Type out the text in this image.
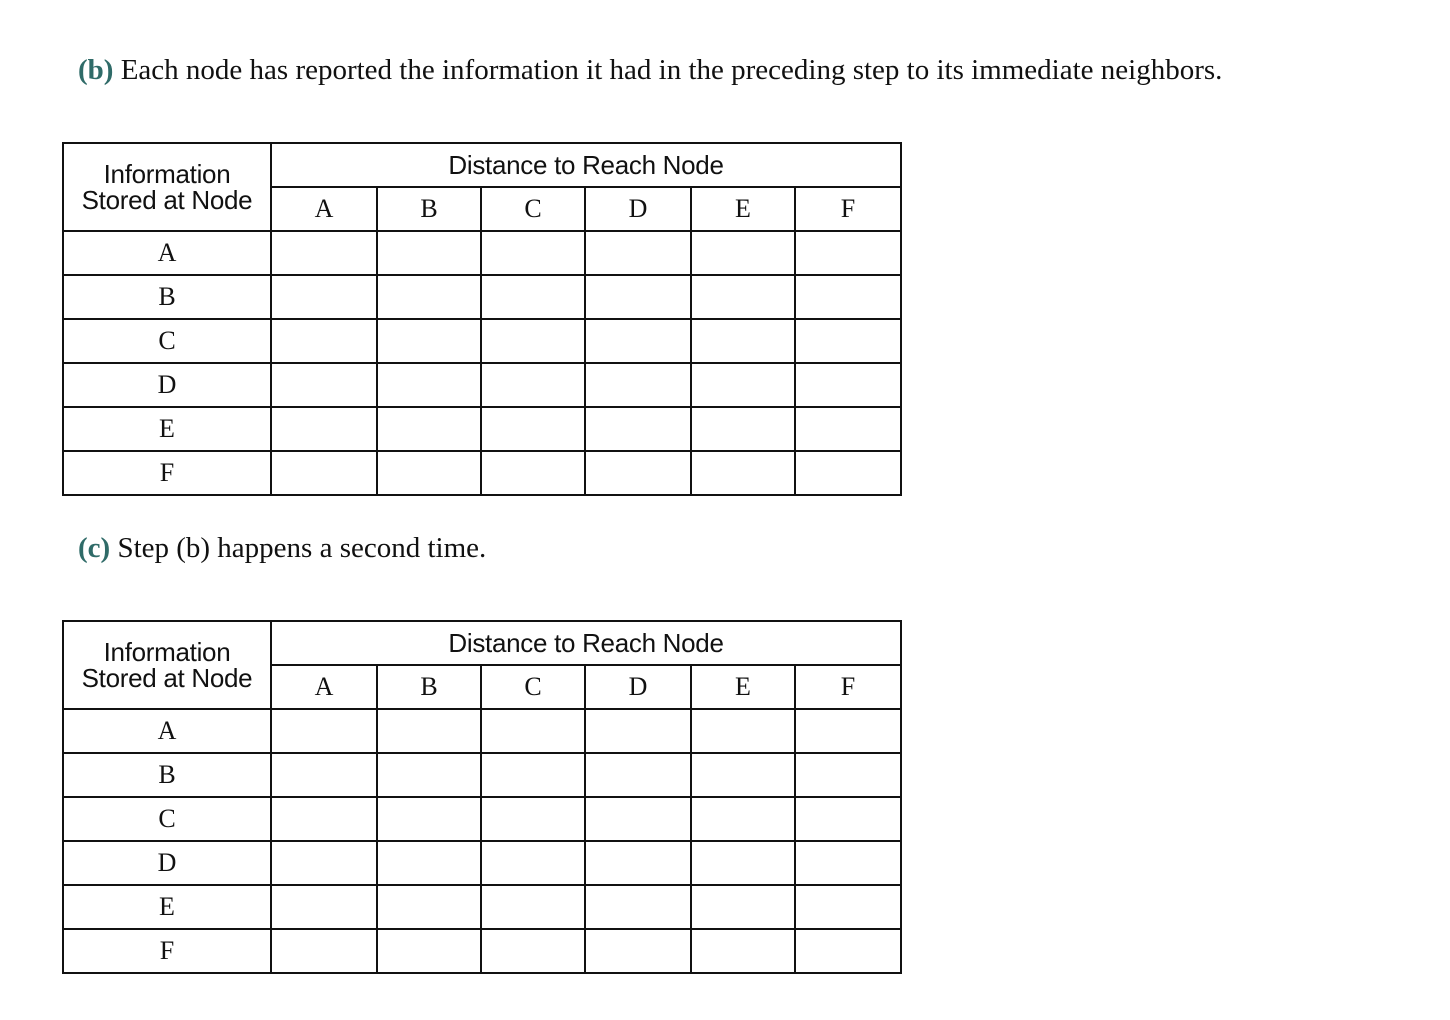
(b) Each node has reported the information it had in the preceding step to its immediate neighbors.

Information
Stored at Node	Distance to Reach Node					
	A	B	C	D	E	F
A						
B						
C						
D						
E						
F						

(c) Step (b) happens a second time.

Information
Stored at Node	Distance to Reach Node					
	A	B	C	D	E	F
A						
B						
C						
D						
E						
F						
